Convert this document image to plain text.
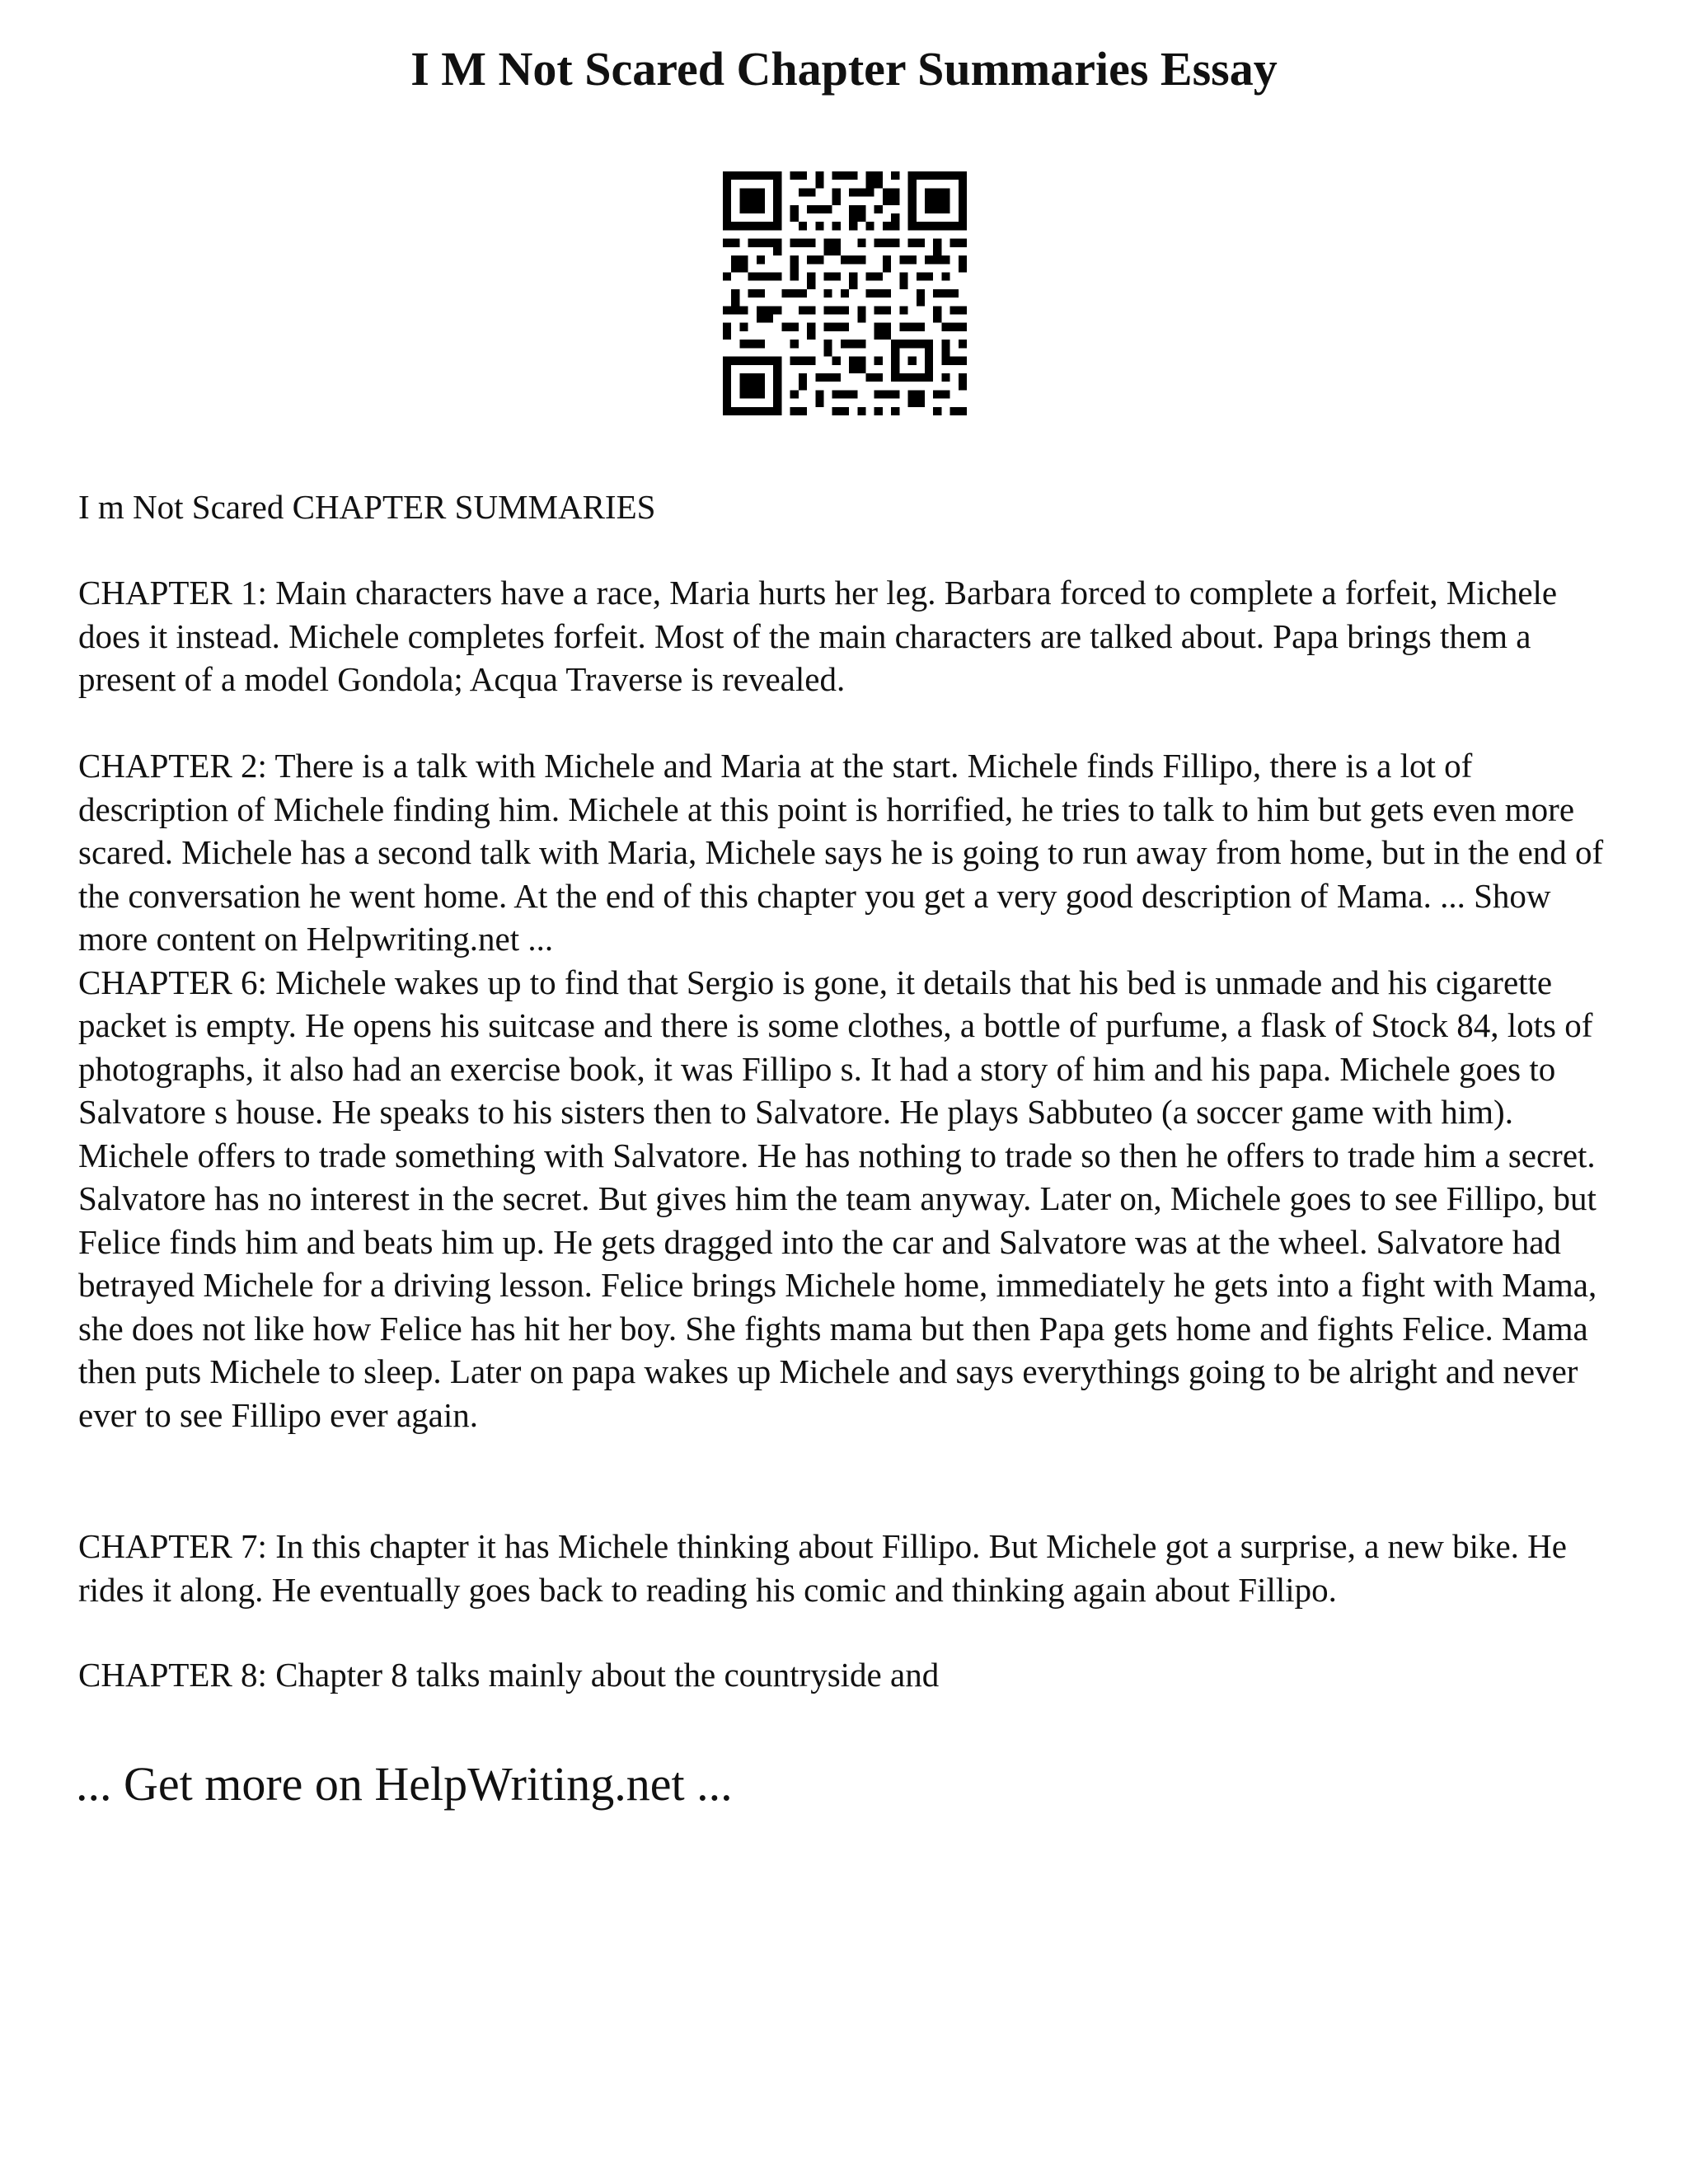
I M Not Scared Chapter Summaries Essay

I m Not Scared CHAPTER SUMMARIES

CHAPTER 1: Main characters have a race, Maria hurts her leg. Barbara forced to complete a forfeit, Michele does it instead. Michele completes forfeit. Most of the main characters are talked about. Papa brings them a present of a model Gondola; Acqua Traverse is revealed.

CHAPTER 2: There is a talk with Michele and Maria at the start. Michele finds Fillipo, there is a lot of description of Michele finding him. Michele at this point is horrified, he tries to talk to him but gets even more scared. Michele has a second talk with Maria, Michele says he is going to run away from home, but in the end of the conversation he went home. At the end of this chapter you get a very good description of Mama. ... Show more content on Helpwriting.net ...
CHAPTER 6: Michele wakes up to find that Sergio is gone, it details that his bed is unmade and his cigarette packet is empty. He opens his suitcase and there is some clothes, a bottle of purfume, a flask of Stock 84, lots of photographs, it also had an exercise book, it was Fillipo s. It had a story of him and his papa. Michele goes to Salvatore s house. He speaks to his sisters then to Salvatore. He plays Sabbuteo (a soccer game with him). Michele offers to trade something with Salvatore. He has nothing to trade so then he offers to trade him a secret. Salvatore has no interest in the secret. But gives him the team anyway. Later on, Michele goes to see Fillipo, but Felice finds him and beats him up. He gets dragged into the car and Salvatore was at the wheel. Salvatore had betrayed Michele for a driving lesson. Felice brings Michele home, immediately he gets into a fight with Mama, she does not like how Felice has hit her boy. She fights mama but then Papa gets home and fights Felice. Mama then puts Michele to sleep. Later on papa wakes up Michele and says everythings going to be alright and never ever to see Fillipo ever again.

CHAPTER 7: In this chapter it has Michele thinking about Fillipo. But Michele got a surprise, a new bike. He rides it along. He eventually goes back to reading his comic and thinking again about Fillipo.

CHAPTER 8: Chapter 8 talks mainly about the countryside and

... Get more on HelpWriting.net ...
